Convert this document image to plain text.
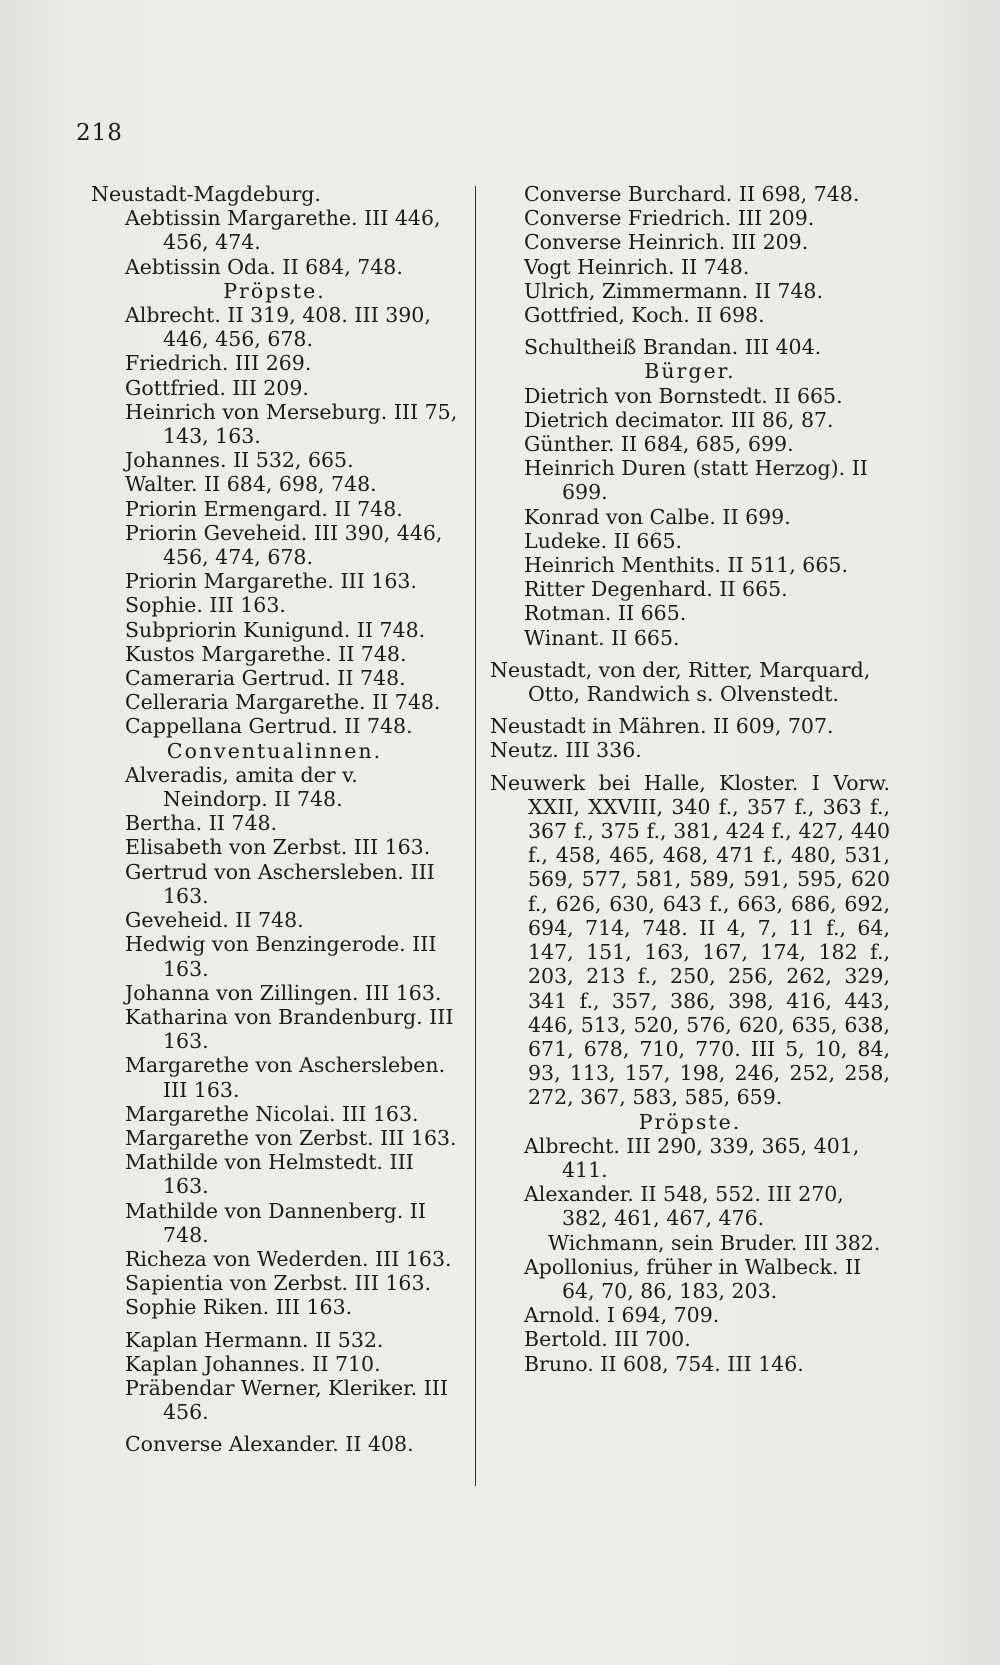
218
Neustadt-Magdeburg.
Aebtissin Margarethe. III 446, 456, 474.
Aebtissin Oda. II 684, 748.
Pröpste.
Albrecht. II 319, 408. III 390, 446, 456, 678.
Friedrich. III 269.
Gottfried. III 209.
Heinrich von Merseburg. III 75, 143, 163.
Johannes. II 532, 665.
Walter. II 684, 698, 748.
Priorin Ermengard. II 748.
Priorin Geveheid. III 390, 446, 456, 474, 678.
Priorin Margarethe. III 163.
Sophie. III 163.
Subpriorin Kunigund. II 748.
Kustos Margarethe. II 748.
Cameraria Gertrud. II 748.
Celleraria Margarethe. II 748.
Cappellana Gertrud. II 748.
Conventualinnen.
Alveradis, amita der v. Neindorp. II 748.
Bertha. II 748.
Elisabeth von Zerbst. III 163.
Gertrud von Aschersleben. III 163.
Geveheid. II 748.
Hedwig von Benzingerode. III 163.
Johanna von Zillingen. III 163.
Katharina von Brandenburg. III 163.
Margarethe von Aschersleben. III 163.
Margarethe Nicolai. III 163.
Margarethe von Zerbst. III 163.
Mathilde von Helmstedt. III 163.
Mathilde von Dannenberg. II 748.
Richeza von Wederden. III 163.
Sapientia von Zerbst. III 163.
Sophie Riken. III 163.
Kaplan Hermann. II 532.
Kaplan Johannes. II 710.
Präbendar Werner, Kleriker. III 456.
Converse Alexander. II 408.
Converse Burchard. II 698, 748.
Converse Friedrich. III 209.
Converse Heinrich. III 209.
Vogt Heinrich. II 748.
Ulrich, Zimmermann. II 748.
Gottfried, Koch. II 698.
Schultheiß Brandan. III 404.
Bürger.
Dietrich von Bornstedt. II 665.
Dietrich decimator. III 86, 87.
Günther. II 684, 685, 699.
Heinrich Duren (statt Herzog). II 699.
Konrad von Calbe. II 699.
Ludeke. II 665.
Heinrich Menthits. II 511, 665.
Ritter Degenhard. II 665.
Rotman. II 665.
Winant. II 665.
Neustadt, von der, Ritter, Marquard, Otto, Randwich s. Olvenstedt.
Neustadt in Mähren. II 609, 707.
Neutz. III 336.
Neuwerk bei Halle, Kloster. I Vorw. XXII, XXVIII, 340 f., 357 f., 363 f., 367 f., 375 f., 381, 424 f., 427, 440 f., 458, 465, 468, 471 f., 480, 531, 569, 577, 581, 589, 591, 595, 620 f., 626, 630, 643 f., 663, 686, 692, 694, 714, 748. II 4, 7, 11 f., 64, 147, 151, 163, 167, 174, 182 f., 203, 213 f., 250, 256, 262, 329, 341 f., 357, 386, 398, 416, 443, 446, 513, 520, 576, 620, 635, 638, 671, 678, 710, 770. III 5, 10, 84, 93, 113, 157, 198, 246, 252, 258, 272, 367, 583, 585, 659.
Pröpste.
Albrecht. III 290, 339, 365, 401, 411.
Alexander. II 548, 552. III 270, 382, 461, 467, 476.
Wichmann, sein Bruder. III 382.
Apollonius, früher in Walbeck. II 64, 70, 86, 183, 203.
Arnold. I 694, 709.
Bertold. III 700.
Bruno. II 608, 754. III 146.
